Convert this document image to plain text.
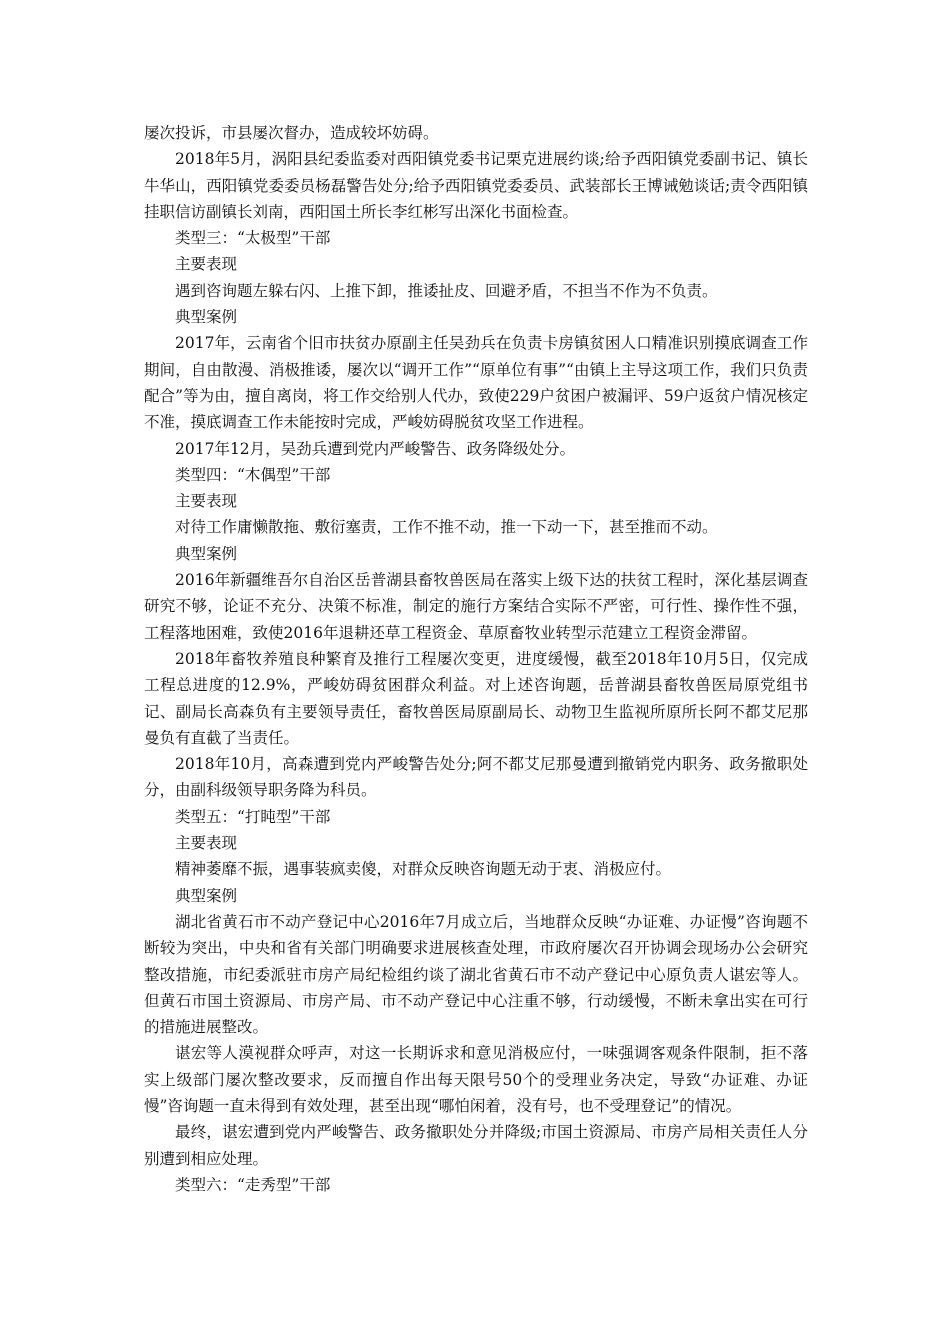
屡次投诉，市县屡次督办，造成较坏妨碍。

2018年5月，涡阳县纪委监委对西阳镇党委书记栗克进展约谈;给予西阳镇党委副书记、镇长牛华山，西阳镇党委委员杨磊警告处分;给予西阳镇党委委员、武装部长王博诫勉谈话;责令西阳镇挂职信访副镇长刘南，西阳国土所长李红彬写出深化书面检查。

类型三：“太极型”干部

主要表现

遇到咨询题左躲右闪、上推下卸，推诿扯皮、回避矛盾，不担当不作为不负责。

典型案例

2017年，云南省个旧市扶贫办原副主任吴劲兵在负责卡房镇贫困人口精准识别摸底调查工作期间，自由散漫、消极推诿，屡次以“调开工作”“原单位有事”“由镇上主导这项工作，我们只负责配合”等为由，擅自离岗，将工作交给别人代办，致使229户贫困户被漏评、59户返贫户情况核定不准，摸底调查工作未能按时完成，严峻妨碍脱贫攻坚工作进程。

2017年12月，吴劲兵遭到党内严峻警告、政务降级处分。

类型四：“木偶型”干部

主要表现

对待工作庸懒散拖、敷衍塞责，工作不推不动，推一下动一下，甚至推而不动。

典型案例

2016年新疆维吾尔自治区岳普湖县畜牧兽医局在落实上级下达的扶贫工程时，深化基层调查研究不够，论证不充分、决策不标准，制定的施行方案结合实际不严密，可行性、操作性不强，工程落地困难，致使2016年退耕还草工程资金、草原畜牧业转型示范建立工程资金滞留。

2018年畜牧养殖良种繁育及推行工程屡次变更，进度缓慢，截至2018年10月5日，仅完成工程总进度的12.9%，严峻妨碍贫困群众利益。对上述咨询题，岳普湖县畜牧兽医局原党组书记、副局长高森负有主要领导责任，畜牧兽医局原副局长、动物卫生监视所原所长阿不都艾尼那曼负有直截了当责任。

2018年10月，高森遭到党内严峻警告处分;阿不都艾尼那曼遭到撤销党内职务、政务撤职处分，由副科级领导职务降为科员。

类型五：“打盹型”干部

主要表现

精神萎靡不振，遇事装疯卖傻，对群众反映咨询题无动于衷、消极应付。

典型案例

湖北省黄石市不动产登记中心2016年7月成立后，当地群众反映“办证难、办证慢”咨询题不断较为突出，中央和省有关部门明确要求进展核查处理，市政府屡次召开协调会现场办公会研究整改措施，市纪委派驻市房产局纪检组约谈了湖北省黄石市不动产登记中心原负责人谌宏等人。但黄石市国土资源局、市房产局、市不动产登记中心注重不够，行动缓慢，不断未拿出实在可行的措施进展整改。

谌宏等人漠视群众呼声，对这一长期诉求和意见消极应付，一味强调客观条件限制，拒不落实上级部门屡次整改要求，反而擅自作出每天限号50个的受理业务决定，导致“办证难、办证慢”咨询题一直未得到有效处理，甚至出现“哪怕闲着，没有号，也不受理登记”的情况。

最终，谌宏遭到党内严峻警告、政务撤职处分并降级;市国土资源局、市房产局相关责任人分别遭到相应处理。

类型六：“走秀型”干部
